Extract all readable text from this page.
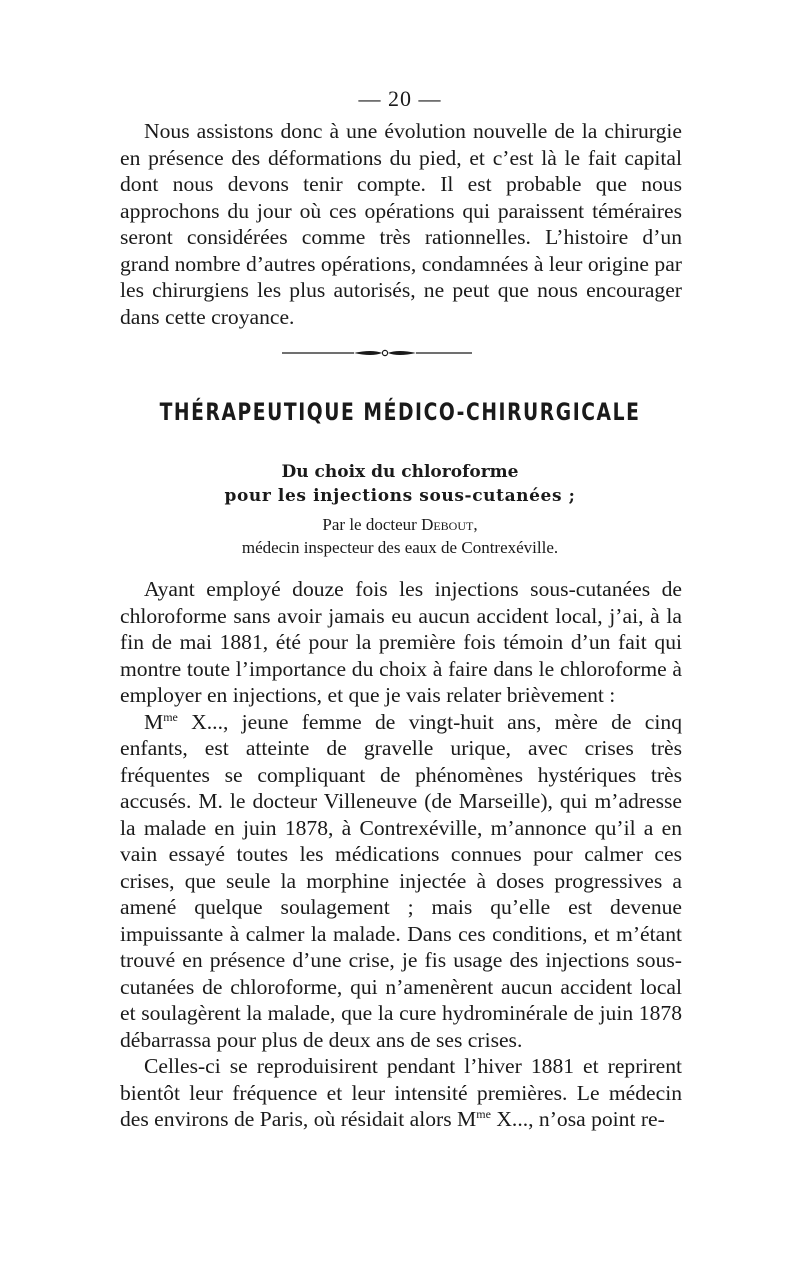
— 20 —

Nous assistons donc à une évolution nouvelle de la chirurgie en présence des déformations du pied, et c’est là le fait capital dont nous devons tenir compte. Il est probable que nous approchons du jour où ces opérations qui paraissent téméraires seront considérées comme très rationnelles. L’histoire d’un grand nombre d’autres opérations, condamnées à leur origine par les chirurgiens les plus autorisés, ne peut que nous encourager dans cette croyance.

THÉRAPEUTIQUE MÉDICO-CHIRURGICALE
Du choix du chloroforme
pour les injections sous-cutanées ;
Par le docteur Debout,
médecin inspecteur des eaux de Contrexéville.

Ayant employé douze fois les injections sous-cutanées de chloroforme sans avoir jamais eu aucun accident local, j’ai, à la fin de mai 1881, été pour la première fois témoin d’un fait qui montre toute l’importance du choix à faire dans le chloroforme à employer en injections, et que je vais relater brièvement :

$M^{me}$ X..., jeune femme de vingt-huit ans, mère de cinq enfants, est atteinte de gravelle urique, avec crises très fréquentes se compliquant de phénomènes hystériques très accusés. M. le docteur Villeneuve (de Marseille), qui m’adresse la malade en juin 1878, à Contrexéville, m’annonce qu’il a en vain essayé toutes les médications connues pour calmer ces crises, que seule la morphine injectée à doses progressives a amené quelque soulagement ; mais qu’elle est devenue impuissante à calmer la malade. Dans ces conditions, et m’étant trouvé en présence d’une crise, je fis usage des injections sous-cutanées de chloroforme, qui n’amenèrent aucun accident local et soulagèrent la malade, que la cure hydrominérale de juin 1878 débarrassa pour plus de deux ans de ses crises.

Celles-ci se reproduisirent pendant l’hiver 1881 et reprirent bientôt leur fréquence et leur intensité premières. Le médecin des environs de Paris, où résidait alors $M^{me}$ X..., n’osa point re-
